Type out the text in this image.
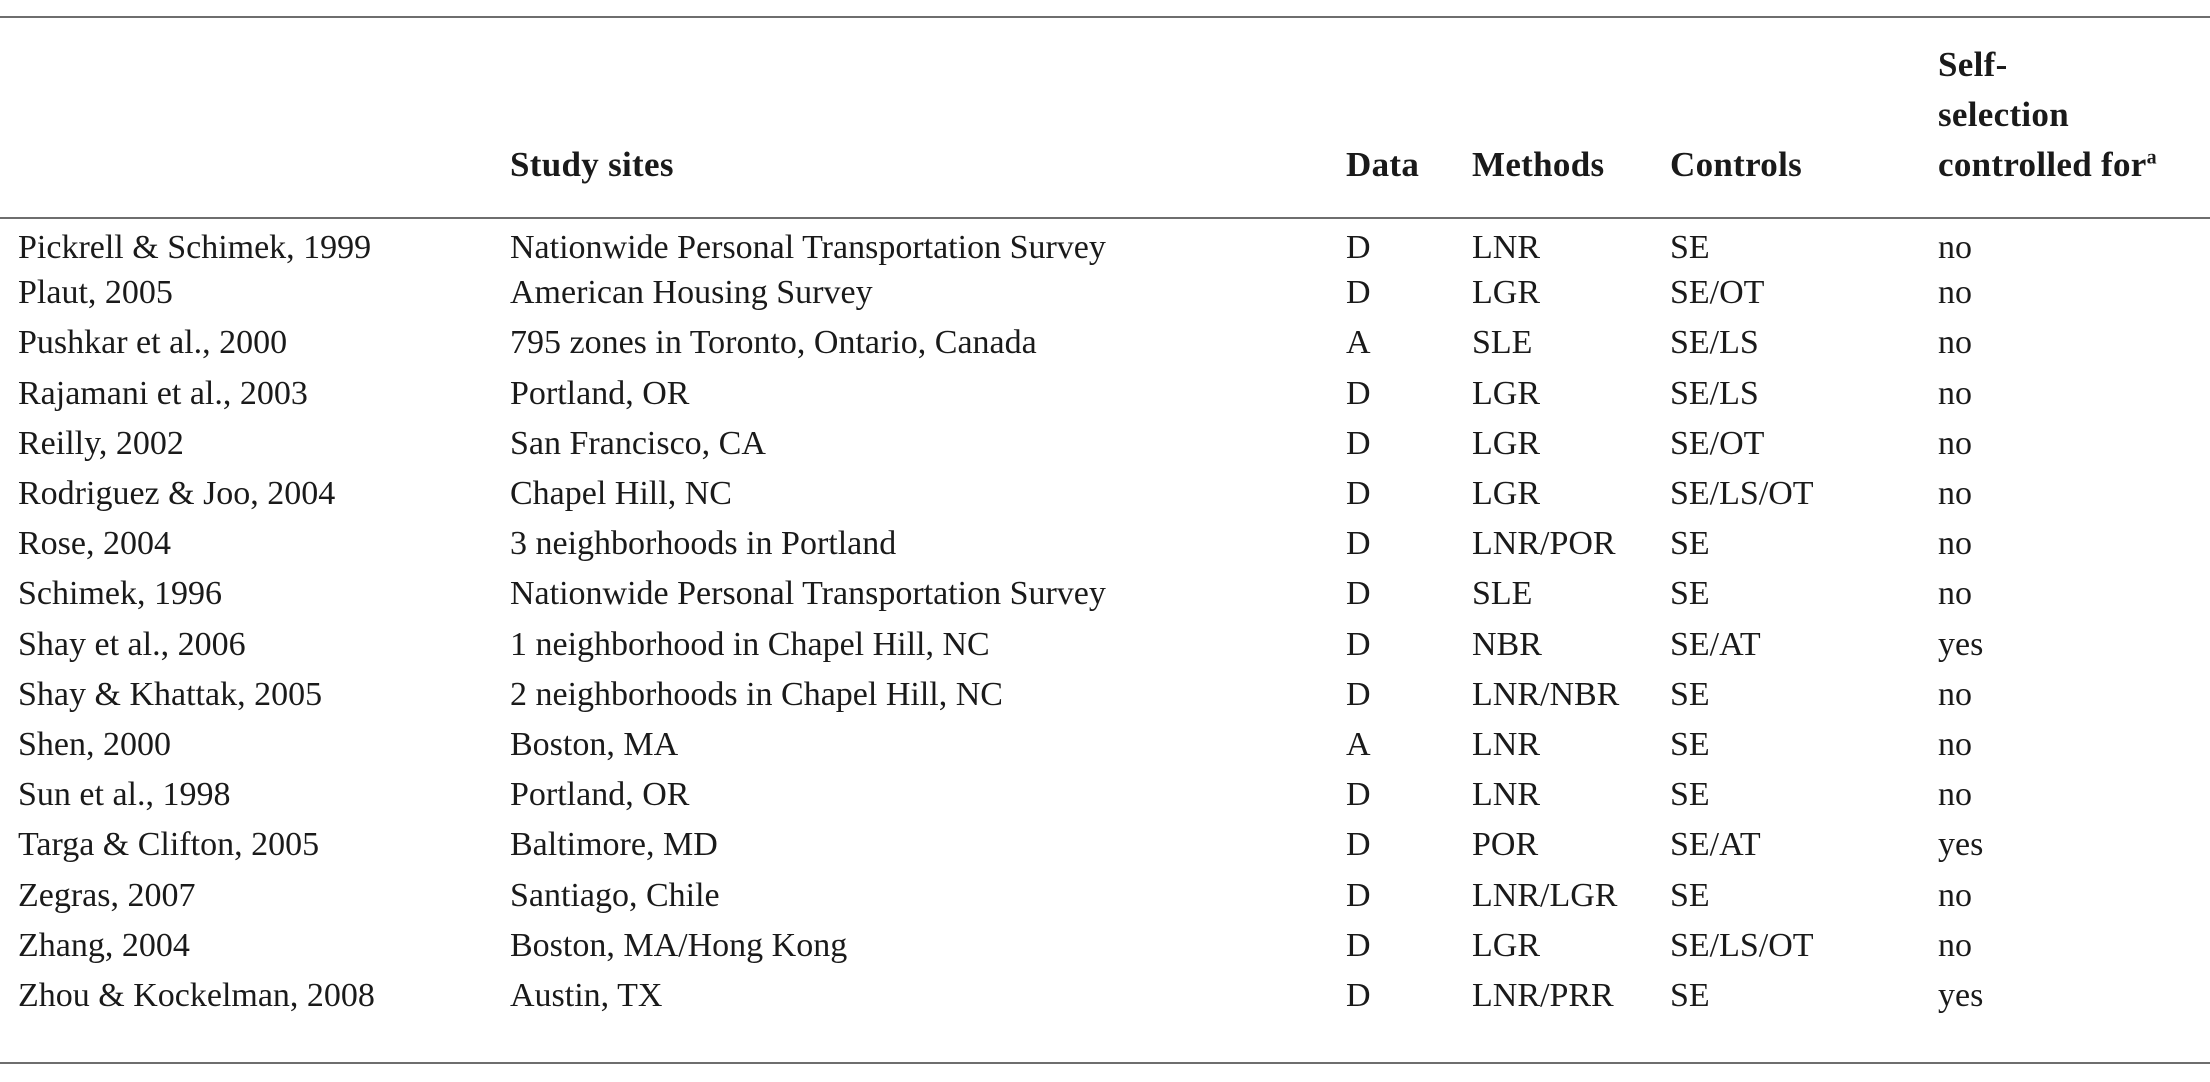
	Study sites	Data	Methods	Controls	Self-
selection
controlled for$^a$
Pickrell & Schimek, 1999	Nationwide Personal Transportation Survey	D	LNR	SE	no
Plaut, 2005	American Housing Survey	D	LGR	SE/OT	no
Pushkar et al., 2000	795 zones in Toronto, Ontario, Canada	A	SLE	SE/LS	no
Rajamani et al., 2003	Portland, OR	D	LGR	SE/LS	no
Reilly, 2002	San Francisco, CA	D	LGR	SE/OT	no
Rodriguez & Joo, 2004	Chapel Hill, NC	D	LGR	SE/LS/OT	no
Rose, 2004	3 neighborhoods in Portland	D	LNR/POR	SE	no
Schimek, 1996	Nationwide Personal Transportation Survey	D	SLE	SE	no
Shay et al., 2006	1 neighborhood in Chapel Hill, NC	D	NBR	SE/AT	yes
Shay & Khattak, 2005	2 neighborhoods in Chapel Hill, NC	D	LNR/NBR	SE	no
Shen, 2000	Boston, MA	A	LNR	SE	no
Sun et al., 1998	Portland, OR	D	LNR	SE	no
Targa & Clifton, 2005	Baltimore, MD	D	POR	SE/AT	yes
Zegras, 2007	Santiago, Chile	D	LNR/LGR	SE	no
Zhang, 2004	Boston, MA/Hong Kong	D	LGR	SE/LS/OT	no
Zhou & Kockelman, 2008	Austin, TX	D	LNR/PRR	SE	yes
